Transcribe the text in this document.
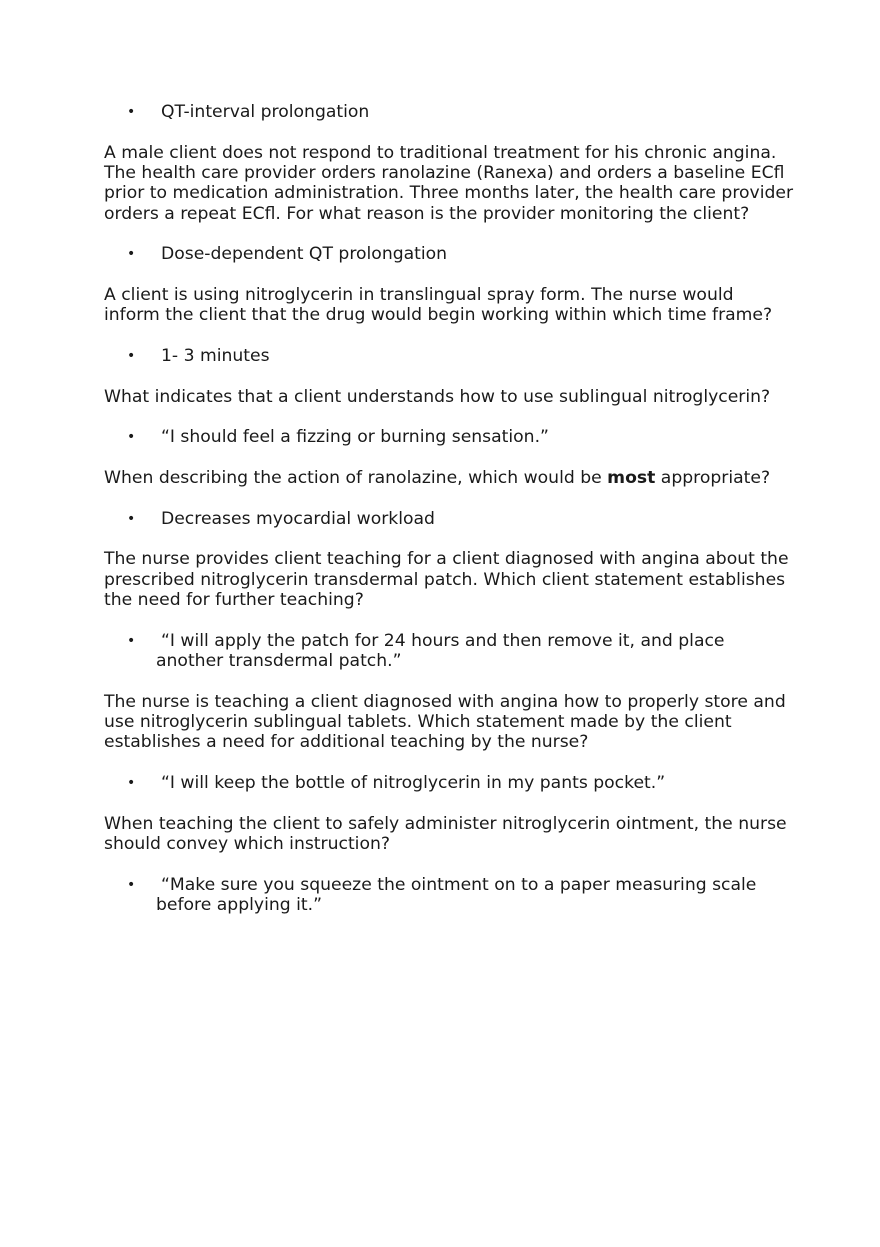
• QT-interval prolongation

A male client does not respond to traditional treatment for his chronic angina. The health care provider orders ranolazine (Ranexa) and orders a baseline ECfl prior to medication administration. Three months later, the health care provider orders a repeat ECfl. For what reason is the provider monitoring the client?

• Dose-dependent QT prolongation

A client is using nitroglycerin in translingual spray form. The nurse would inform the client that the drug would begin working within which time frame?

• 1- 3 minutes

What indicates that a client understands how to use sublingual nitroglycerin?

• “I should feel a fizzing or burning sensation.”

When describing the action of ranolazine, which would be most appropriate?

• Decreases myocardial workload

The nurse provides client teaching for a client diagnosed with angina about the prescribed nitroglycerin transdermal patch. Which client statement establishes the need for further teaching?

• “I will apply the patch for 24 hours and then remove it, and place another transdermal patch.”

The nurse is teaching a client diagnosed with angina how to properly store and use nitroglycerin sublingual tablets. Which statement made by the client establishes a need for additional teaching by the nurse?

• “I will keep the bottle of nitroglycerin in my pants pocket.”

When teaching the client to safely administer nitroglycerin ointment, the nurse should convey which instruction?

• “Make sure you squeeze the ointment on to a paper measuring scale before applying it.”
